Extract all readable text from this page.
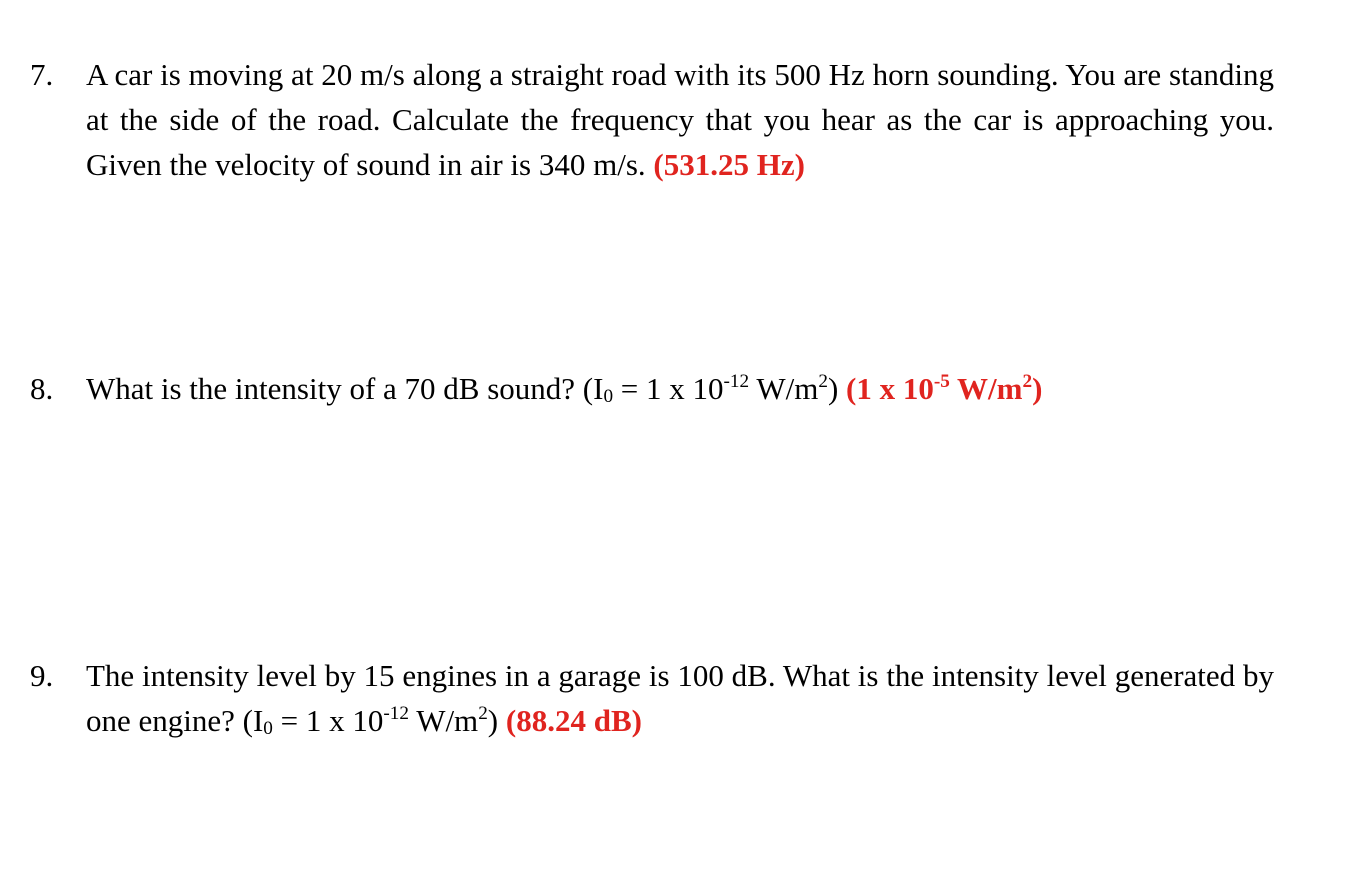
7.	A car is moving at 20 m/s along a straight road with its 500 Hz horn sounding. You are standing at the side of the road. Calculate the frequency that you hear as the car is approaching you. Given the velocity of sound in air is 340 m/s. (531.25 Hz)
8.	What is the intensity of a 70 dB sound? ($I_0 = 1$ x $10^{-12}$ $W/m^2$) (1 x $10^{-5}$ $W/m^2$)
9.	The intensity level by 15 engines in a garage is 100 dB. What is the intensity level generated by one engine? ($I_0 = 1$ x $10^{-12}$ $W/m^2$) (88.24 dB)
